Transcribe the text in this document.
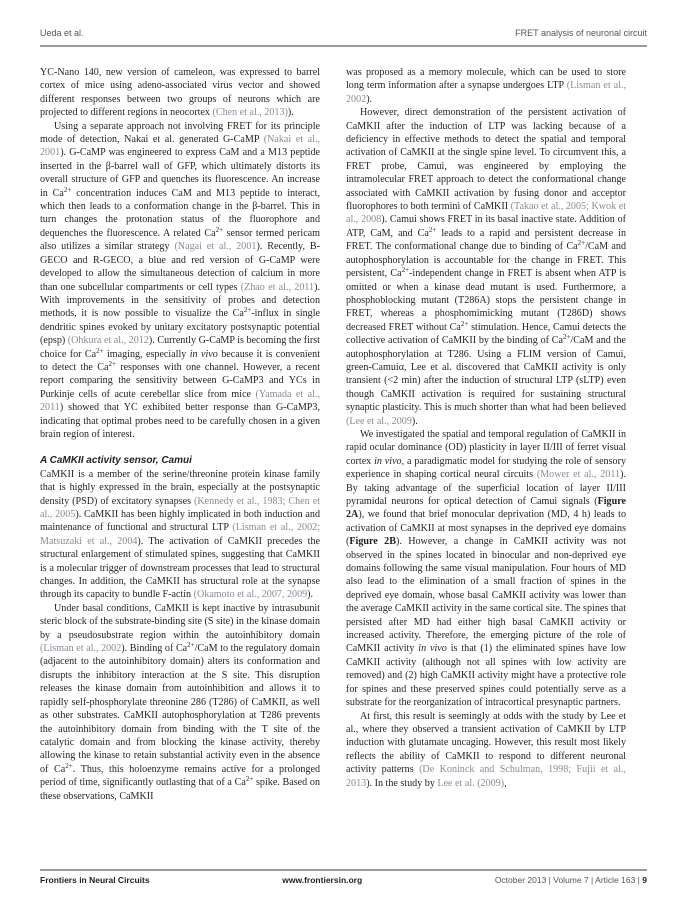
Ueda et al.	FRET analysis of neuronal circuit

YC-Nano 140, new version of cameleon, was expressed to barrel cortex of mice using adeno-associated virus vector and showed different responses between two groups of neurons which are projected to different regions in neocortex (Chen et al., 2013)).

Using a separate approach not involving FRET for its principle mode of detection, Nakai et al. generated G-CaMP (Nakai et al., 2001). G-CaMP was engineered to express CaM and a M13 peptide inserted in the β-barrel wall of GFP, which ultimately distorts its overall structure of GFP and quenches its fluorescence. An increase in $Ca^{2+}$ concentration induces CaM and M13 peptide to interact, which then leads to a conformation change in the β-barrel. This in turn changes the protonation status of the fluorophore and dequenches the fluorescence. A related $Ca^{2+}$ sensor termed pericam also utilizes a similar strategy (Nagai et al., 2001). Recently, B-GECO and R-GECO, a blue and red version of G-CaMP were developed to allow the simultaneous detection of calcium in more than one subcellular compartments or cell types (Zhao et al., 2011). With improvements in the sensitivity of probes and detection methods, it is now possible to visualize the $Ca^{2+}$-influx in single dendritic spines evoked by unitary excitatory postsynaptic potential (epsp) (Ohkura et al., 2012). Currently G-CaMP is becoming the first choice for $Ca^{2+}$ imaging, especially in vivo because it is convenient to detect the $Ca^{2+}$ responses with one channel. However, a recent report comparing the sensitivity between G-CaMP3 and YCs in Purkinje cells of acute cerebellar slice from mice (Yamada et al., 2011) showed that YC exhibited better response than G-CaMP3, indicating that optimal probes need to be carefully chosen in a given brain region of interest.

A CaMKII activity sensor, Camui

CaMKII is a member of the serine/threonine protein kinase family that is highly expressed in the brain, especially at the postsynaptic density (PSD) of excitatory synapses (Kennedy et al., 1983; Chen et al., 2005). CaMKII has been highly implicated in both induction and maintenance of functional and structural LTP (Lisman et al., 2002; Matsuzaki et al., 2004). The activation of CaMKII precedes the structural enlargement of stimulated spines, suggesting that CaMKII is a molecular trigger of downstream processes that lead to structural changes. In addition, the CaMKII has structural role at the synapse through its capacity to bundle F-actin (Okamoto et al., 2007, 2009).

Under basal conditions, CaMKII is kept inactive by intrasubunit steric block of the substrate-binding site (S site) in the kinase domain by a pseudosubstrate region within the autoinhibitory domain (Lisman et al., 2002). Binding of $Ca^{2+}$/CaM to the regulatory domain (adjacent to the autoinhibitory domain) alters its conformation and disrupts the inhibitory interaction at the S site. This disruption releases the kinase domain from autoinhibition and allows it to rapidly self-phosphorylate threonine 286 (T286) of CaMKII, as well as other substrates. CaMKII autophosphorylation at T286 prevents the autoinhibitory domain from binding with the T site of the catalytic domain and from blocking the kinase activity, thereby allowing the kinase to retain substantial activity even in the absence of $Ca^{2+}$. Thus, this holoenzyme remains active for a prolonged period of time, significantly outlasting that of a $Ca^{2+}$ spike. Based on these observations, CaMKII

was proposed as a memory molecule, which can be used to store long term information after a synapse undergoes LTP (Lisman et al., 2002).

However, direct demonstration of the persistent activation of CaMKII after the induction of LTP was lacking because of a deficiency in effective methods to detect the spatial and temporal activation of CaMKII at the single spine level. To circumvent this, a FRET probe, Camui, was engineered by employing the intramolecular FRET approach to detect the conformational change associated with CaMKII activation by fusing donor and acceptor fluorophores to both termini of CaMKII (Takao et al., 2005; Kwok et al., 2008). Camui shows FRET in its basal inactive state. Addition of ATP, CaM, and $Ca^{2+}$ leads to a rapid and persistent decrease in FRET. The conformational change due to binding of $Ca^{2+}$/CaM and autophosphorylation is accountable for the change in FRET. This persistent, $Ca^{2+}$-independent change in FRET is absent when ATP is omitted or when a kinase dead mutant is used. Furthermore, a phosphoblocking mutant (T286A) stops the persistent change in FRET, whereas a phosphomimicking mutant (T286D) shows decreased FRET without $Ca^{2+}$ stimulation. Hence, Camui detects the collective activation of CaMKII by the binding of $Ca^{2+}$/CaM and the autophosphorylation at T286. Using a FLIM version of Camui, green-Camuiα, Lee et al. discovered that CaMKII activity is only transient (<2 min) after the induction of structural LTP (sLTP) even though CaMKII activation is required for sustaining structural synaptic plasticity. This is much shorter than what had been believed (Lee et al., 2009).

We investigated the spatial and temporal regulation of CaMKII in rapid ocular dominance (OD) plasticity in layer II/III of ferret visual cortex in vivo, a paradigmatic model for studying the role of sensory experience in shaping cortical neural circuits (Mower et al., 2011). By taking advantage of the superficial location of layer II/III pyramidal neurons for optical detection of Camui signals (Figure 2A), we found that brief monocular deprivation (MD, 4 h) leads to activation of CaMKII at most synapses in the deprived eye domains (Figure 2B). However, a change in CaMKII activity was not observed in the spines located in binocular and non-deprived eye domains following the same visual manipulation. Four hours of MD also lead to the elimination of a small fraction of spines in the deprived eye domain, whose basal CaMKII activity was lower than the average CaMKII activity in the same cortical site. The spines that persisted after MD had either high basal CaMKII activity or increased activity. Therefore, the emerging picture of the role of CaMKII activity in vivo is that (1) the eliminated spines have low CaMKII activity (although not all spines with low activity are removed) and (2) high CaMKII activity might have a protective role for spines and these preserved spines could potentially serve as a substrate for the reorganization of intracortical presynaptic partners.

At first, this result is seemingly at odds with the study by Lee et al., where they observed a transient activation of CaMKII by LTP induction with glutamate uncaging. However, this result most likely reflects the ability of CaMKII to respond to different neuronal activity patterns (De Koninck and Schulman, 1998; Fujii et al., 2013). In the study by Lee et al. (2009),

Frontiers in Neural Circuits	www.frontiersin.org	October 2013 | Volume 7 | Article 163 | 9
